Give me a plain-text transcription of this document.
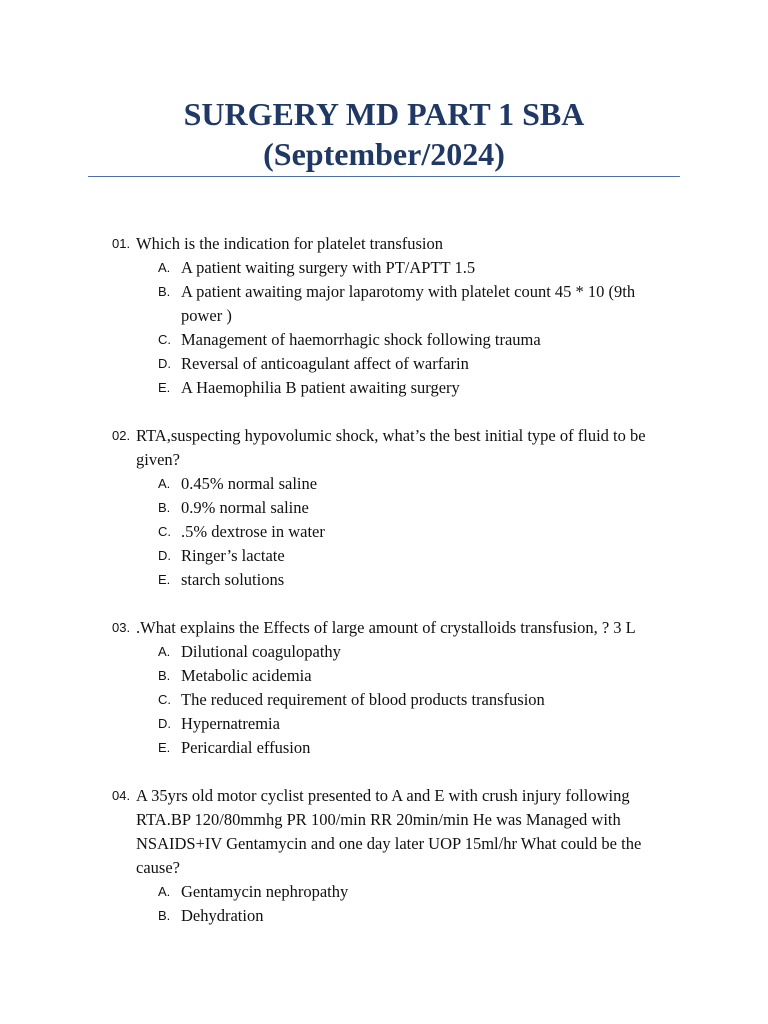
SURGERY MD PART 1 SBA
(September/2024)
01. Which is the indication for platelet transfusion
A. A patient waiting surgery with PT/APTT 1.5
B. A patient awaiting major laparotomy with platelet count 45 * 10 (9th power )
C. Management of haemorrhagic shock following trauma
D. Reversal of anticoagulant affect of warfarin
E. A Haemophilia B patient awaiting surgery
02. RTA,suspecting hypovolumic shock, what’s the best initial type of fluid to be given?
A. 0.45% normal saline
B. 0.9% normal saline
C. .5% dextrose in water
D. Ringer’s lactate
E. starch solutions
03. .What explains the Effects of large amount of crystalloids transfusion, ? 3 L
A. Dilutional coagulopathy
B. Metabolic acidemia
C. The reduced requirement of blood products transfusion
D. Hypernatremia
E. Pericardial effusion
04. A 35yrs old motor cyclist presented to A and E with crush injury following RTA.BP 120/80mmhg PR 100/min RR 20min/min He was Managed with NSAIDS+IV Gentamycin and one day later UOP 15ml/hr What could be the cause?
A. Gentamycin nephropathy
B. Dehydration
